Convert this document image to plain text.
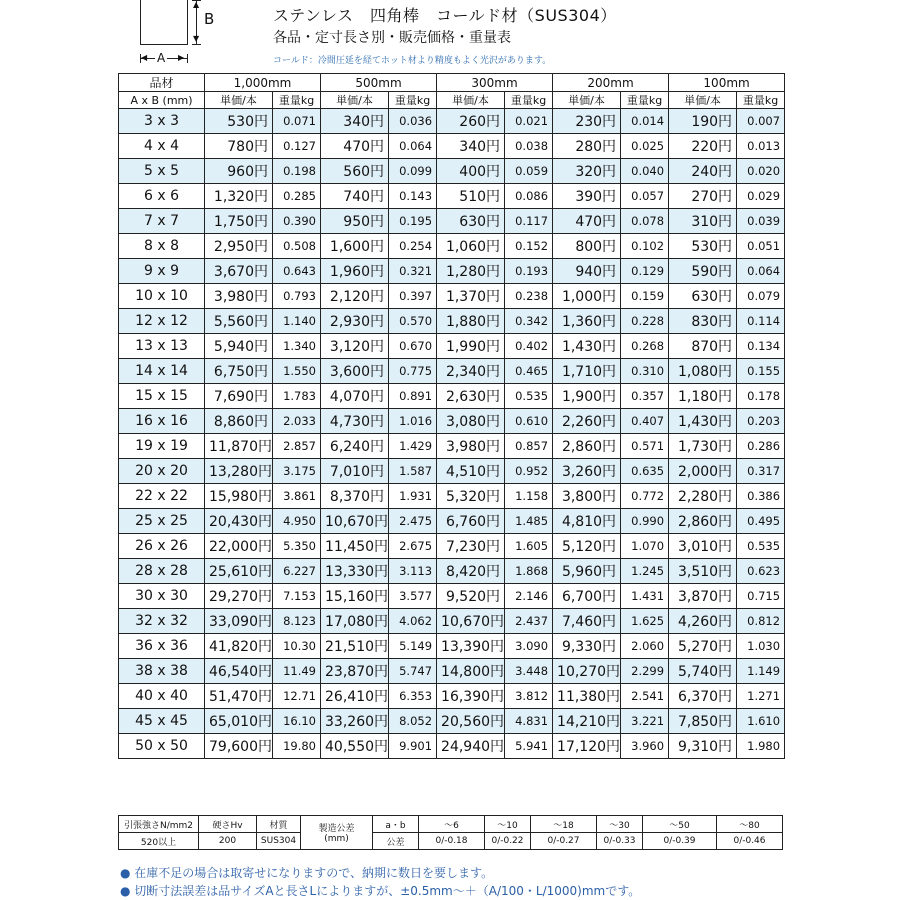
▲
▼
B
◀	▶
A
ステンレス　四角棒　コールド材（SUS304）
各品・定寸長さ別・販売価格・重量表
コールド：冷間圧延を経てホット材より精度もよく光沢があります。
品材	1,000mm		500mm		300mm		200mm		100mm	
A x B (mm)	単価/本	重量kg	単価/本	重量kg	単価/本	重量kg	単価/本	重量kg	単価/本	重量kg
3 x 3	530円	0.071	340円	0.036	260円	0.021	230円	0.014	190円	0.007
4 x 4	780円	0.127	470円	0.064	340円	0.038	280円	0.025	220円	0.013
5 x 5	960円	0.198	560円	0.099	400円	0.059	320円	0.040	240円	0.020
6 x 6	1,320円	0.285	740円	0.143	510円	0.086	390円	0.057	270円	0.029
7 x 7	1,750円	0.390	950円	0.195	630円	0.117	470円	0.078	310円	0.039
8 x 8	2,950円	0.508	1,600円	0.254	1,060円	0.152	800円	0.102	530円	0.051
9 x 9	3,670円	0.643	1,960円	0.321	1,280円	0.193	940円	0.129	590円	0.064
10 x 10	3,980円	0.793	2,120円	0.397	1,370円	0.238	1,000円	0.159	630円	0.079
12 x 12	5,560円	1.140	2,930円	0.570	1,880円	0.342	1,360円	0.228	830円	0.114
13 x 13	5,940円	1.340	3,120円	0.670	1,990円	0.402	1,430円	0.268	870円	0.134
14 x 14	6,750円	1.550	3,600円	0.775	2,340円	0.465	1,710円	0.310	1,080円	0.155
15 x 15	7,690円	1.783	4,070円	0.891	2,630円	0.535	1,900円	0.357	1,180円	0.178
16 x 16	8,860円	2.033	4,730円	1.016	3,080円	0.610	2,260円	0.407	1,430円	0.203
19 x 19	11,870円	2.857	6,240円	1.429	3,980円	0.857	2,860円	0.571	1,730円	0.286
20 x 20	13,280円	3.175	7,010円	1.587	4,510円	0.952	3,260円	0.635	2,000円	0.317
22 x 22	15,980円	3.861	8,370円	1.931	5,320円	1.158	3,800円	0.772	2,280円	0.386
25 x 25	20,430円	4.950	10,670円	2.475	6,760円	1.485	4,810円	0.990	2,860円	0.495
26 x 26	22,000円	5.350	11,450円	2.675	7,230円	1.605	5,120円	1.070	3,010円	0.535
28 x 28	25,610円	6.227	13,330円	3.113	8,420円	1.868	5,960円	1.245	3,510円	0.623
30 x 30	29,270円	7.153	15,160円	3.577	9,520円	2.146	6,700円	1.431	3,870円	0.715
32 x 32	33,090円	8.123	17,080円	4.062	10,670円	2.437	7,460円	1.625	4,260円	0.812
36 x 36	41,820円	10.30	21,510円	5.149	13,390円	3.090	9,330円	2.060	5,270円	1.030
38 x 38	46,540円	11.49	23,870円	5.747	14,800円	3.448	10,270円	2.299	5,740円	1.149
40 x 40	51,470円	12.71	26,410円	6.353	16,390円	3.812	11,380円	2.541	6,370円	1.271
45 x 45	65,010円	16.10	33,260円	8.052	20,560円	4.831	14,210円	3.221	7,850円	1.610
50 x 50	79,600円	19.80	40,550円	9.901	24,940円	5.941	17,120円	3.960	9,310円	1.980
引張強さN/mm2	硬さHv	材質	製造公差
(mm)	a・b	〜6	〜10	〜18	〜30	〜50	〜80
520以上	200	SUS304		公差	0/-0.18	0/-0.22	0/-0.27	0/-0.33	0/-0.39	0/-0.46
● 在庫不足の場合は取寄せになりますので、納期に数日を要します。
● 切断寸法誤差は品サイズAと長さLによりますが、±0.5mm〜＋（A/100・L/1000)mmです。
